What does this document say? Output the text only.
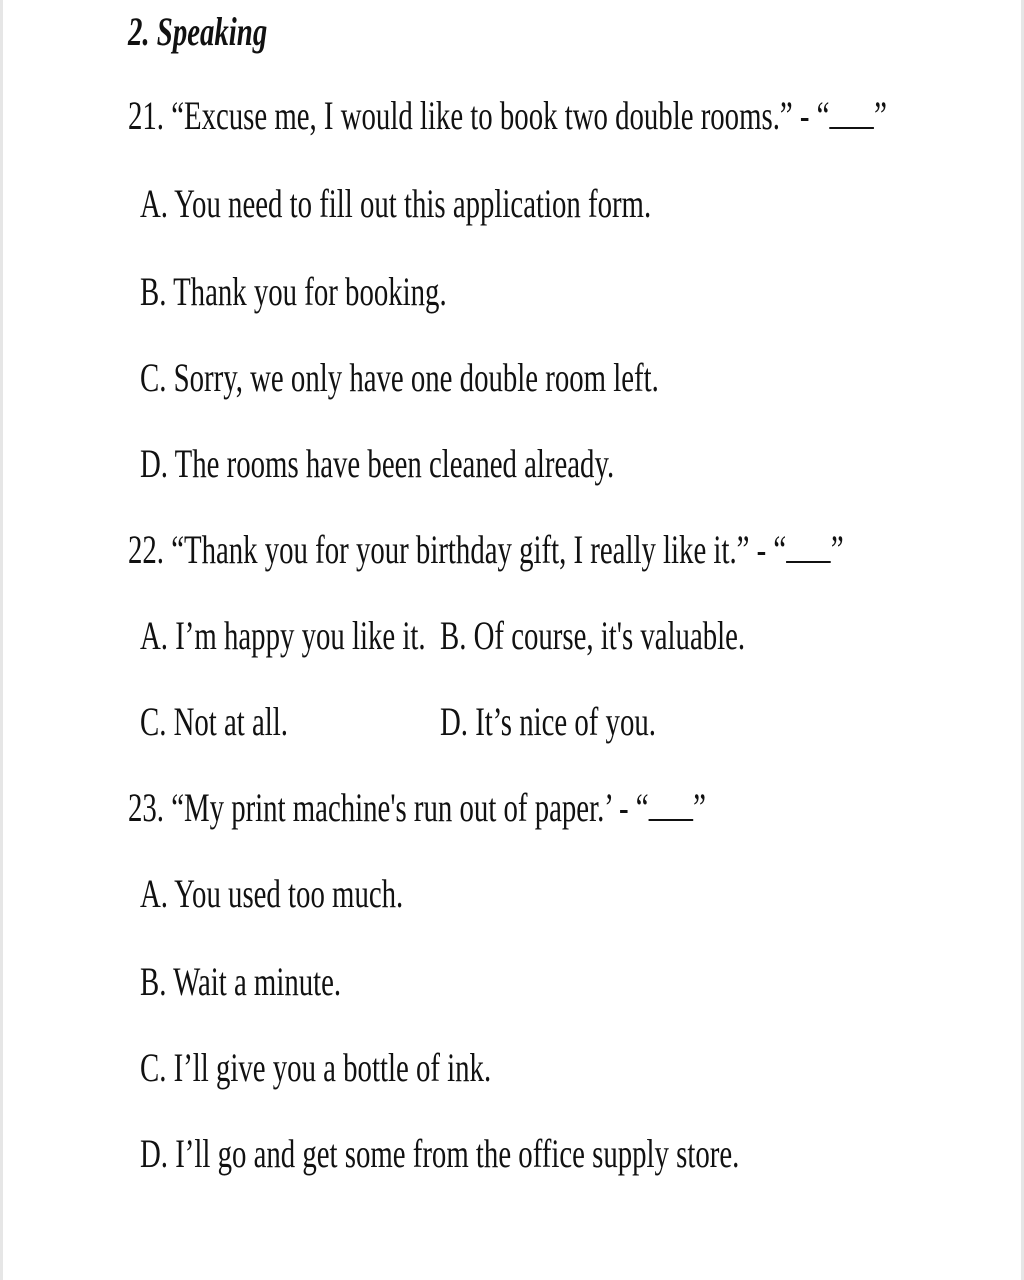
2. Speaking
21. “Excuse me, I would like to book two double rooms.” - “ ”
A. You need to fill out this application form.
B. Thank you for booking.
C. Sorry, we only have one double room left.
D. The rooms have been cleaned already.
22. “Thank you for your birthday gift, I really like it.” - “ ”
A. I’m happy you like it. B. Of course, it's valuable.
C. Not at all.	D. It’s nice of you.
23. “My print machine's run out of paper.’ - “ ”
A. You used too much.
B. Wait a minute.
C. I’ll give you a bottle of ink.
D. I’ll go and get some from the office supply store.
